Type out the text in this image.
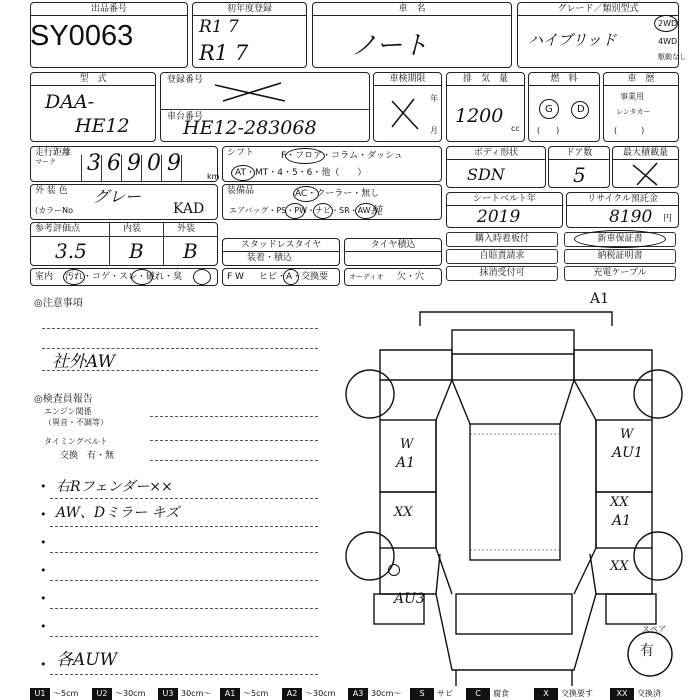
出品番号
SY0063
初年度登録
R1 7
R1 7
車　名
ノート
グレード／類別型式
ハイブリッド
2WD
4WD
駆動なし
型　式
DAA-
HE12
登録番号
車台番号
HE12-283068
車検期限
年
月
排　気　量
1200
cc
燃　料
G D
(　　)
車　歴
事業用
レンタカー
(　　　)
走行距離
マーク
km
3 6 9 0 9	シフト	F・フロア・コラム・ダッシュ
AT・MT・4・5・6・他（　　）
ボディ形状
SDN
ドア数
5
最大積載量
外 装 色
(カラーNo
グレー
KAD
装備品	AC・クーラー・無し
エアバッグ・PS・PW・ナビ・SR・AW 純
シートベルト年
2019
リサイクル預託金
8190 円
参考評価点	内装	外装
3.5 B B	スタッドレスタイヤ
装着・積込
タイヤ積込
購入時着板付	新車保証書
自賠責請求	納税証明書
抹消受付可	充電ケーブル
室内 汚れ・コゲ・スレ・破れ・臭	F W ヒビ・A・交換要	オーディオ 欠・穴
◎注意事項
社外AW
◎検査員報告
エンジン関係
（異音・不調等）
タイミングベルト
交換　有・無
• 右Rフェンダー××
• AW、Dミラー キズ
•
•
•
•
• 各AUW
A1
W
A1
W
AU1
XX
XX
A1
XX
AU3
スペア
有
U1 〜5cm	U2 〜30cm	U3 30cm〜	A1 〜5cm	A2 〜30cm	A3 30cm〜	S	サビ	C	腐食	X	交換要す	XX	交換済
